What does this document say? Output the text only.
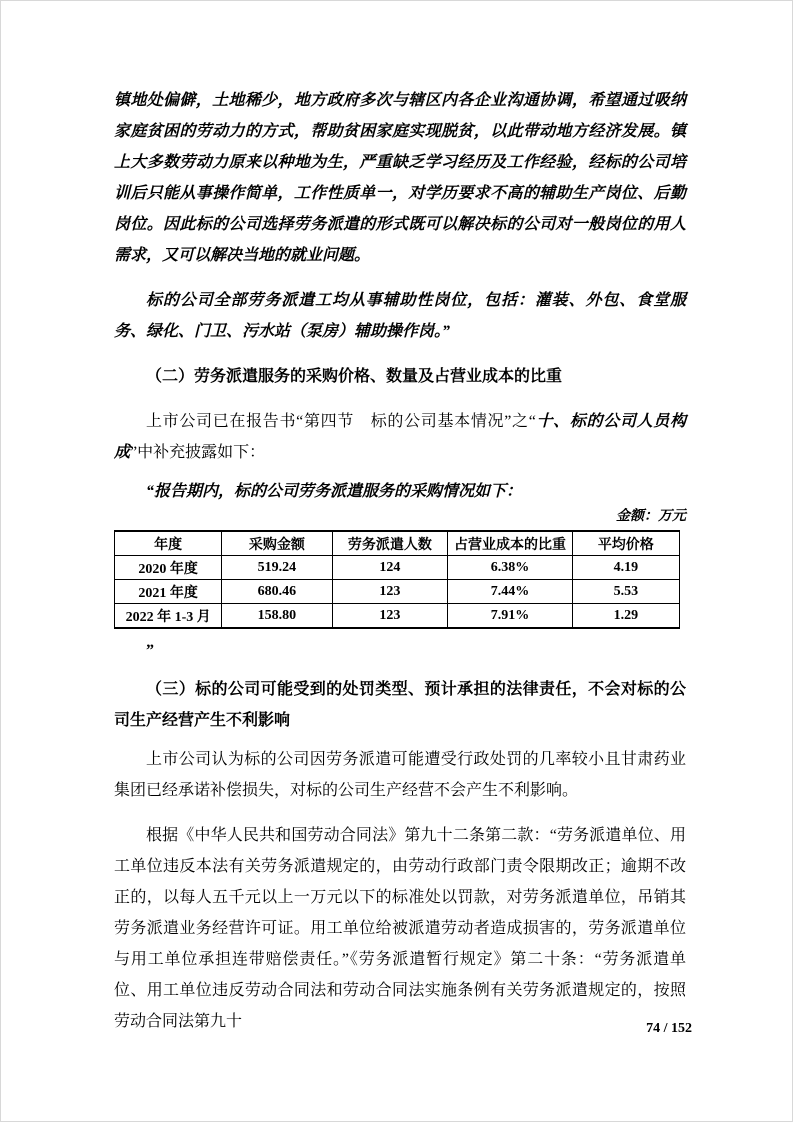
镇地处偏僻，土地稀少，地方政府多次与辖区内各企业沟通协调，希望通过吸纳家庭贫困的劳动力的方式，帮助贫困家庭实现脱贫，以此带动地方经济发展。镇上大多数劳动力原来以种地为生，严重缺乏学习经历及工作经验，经标的公司培训后只能从事操作简单，工作性质单一，对学历要求不高的辅助生产岗位、后勤岗位。因此标的公司选择劳务派遣的形式既可以解决标的公司对一般岗位的用人需求，又可以解决当地的就业问题。

标的公司全部劳务派遣工均从事辅助性岗位，包括：灌装、外包、食堂服务、绿化、门卫、污水站（泵房）辅助操作岗。”

（二）劳务派遣服务的采购价格、数量及占营业成本的比重

上市公司已在报告书“第四节　标的公司基本情况”之“十、标的公司人员构成”中补充披露如下：

“报告期内，标的公司劳务派遣服务的采购情况如下：

金额：万元

年度	采购金额	劳务派遣人数	占营业成本的比重	平均价格
2020 年度	519.24	124	6.38%	4.19
2021 年度	680.46	123	7.44%	5.53
2022 年 1-3 月	158.80	123	7.91%	1.29

”

（三）标的公司可能受到的处罚类型、预计承担的法律责任，不会对标的公司生产经营产生不利影响

上市公司认为标的公司因劳务派遣可能遭受行政处罚的几率较小且甘肃药业集团已经承诺补偿损失，对标的公司生产经营不会产生不利影响。

根据《中华人民共和国劳动合同法》第九十二条第二款：“劳务派遣单位、用工单位违反本法有关劳务派遣规定的，由劳动行政部门责令限期改正；逾期不改正的，以每人五千元以上一万元以下的标准处以罚款，对劳务派遣单位，吊销其劳务派遣业务经营许可证。用工单位给被派遣劳动者造成损害的，劳务派遣单位与用工单位承担连带赔偿责任。”《劳务派遣暂行规定》第二十条：“劳务派遣单位、用工单位违反劳动合同法和劳动合同法实施条例有关劳务派遣规定的，按照劳动合同法第九十	74 / 152
